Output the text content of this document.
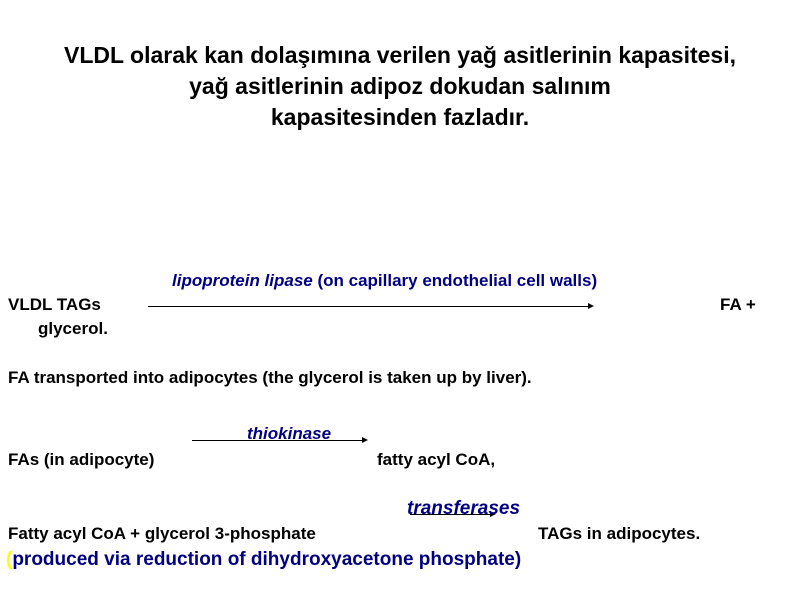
VLDL olarak kan dolaşımına verilen yağ asitlerinin kapasitesi,
yağ asitlerinin adipoz dokudan salınım
kapasitesinden fazladır.
lipoprotein lipase (on capillary endothelial cell walls)
VLDL TAGs	FA +
glycerol.
FA transported into adipocytes (the glycerol is taken up by liver).
thiokinase
FAs (in adipocyte)	fatty acyl CoA,
transferases
Fatty acyl CoA + glycerol 3-phosphate	TAGs in adipocytes.
(produced via reduction of dihydroxyacetone phosphate)
